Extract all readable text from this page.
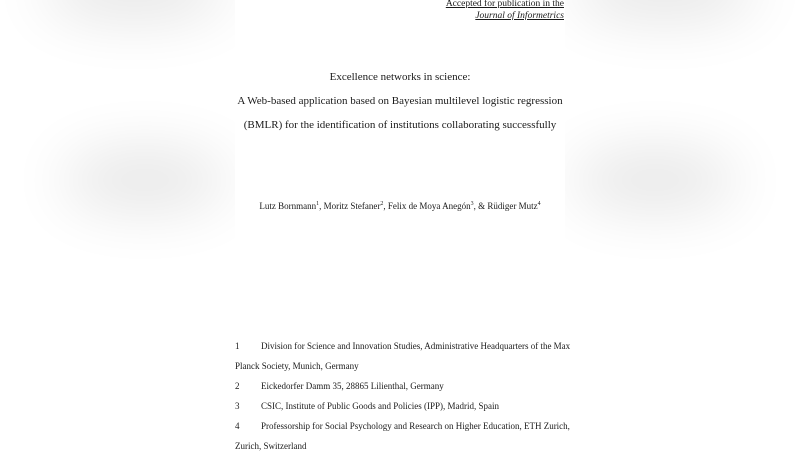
Accepted for publication in the
Journal of Informetrics
Excellence networks in science:
A Web-based application based on Bayesian multilevel logistic regression
(BMLR) for the identification of institutions collaborating successfully
Lutz Bornmann$^1$, Moritz Stefaner$^2$, Felix de Moya Anegón$^3$, & Rüdiger Mutz$^4$
1 Division for Science and Innovation Studies, Administrative Headquarters of the Max
Planck Society, Munich, Germany
2 Eickedorfer Damm 35, 28865 Lilienthal, Germany
3 CSIC, Institute of Public Goods and Policies (IPP), Madrid, Spain
4 Professorship for Social Psychology and Research on Higher Education, ETH Zurich,
Zurich, Switzerland
